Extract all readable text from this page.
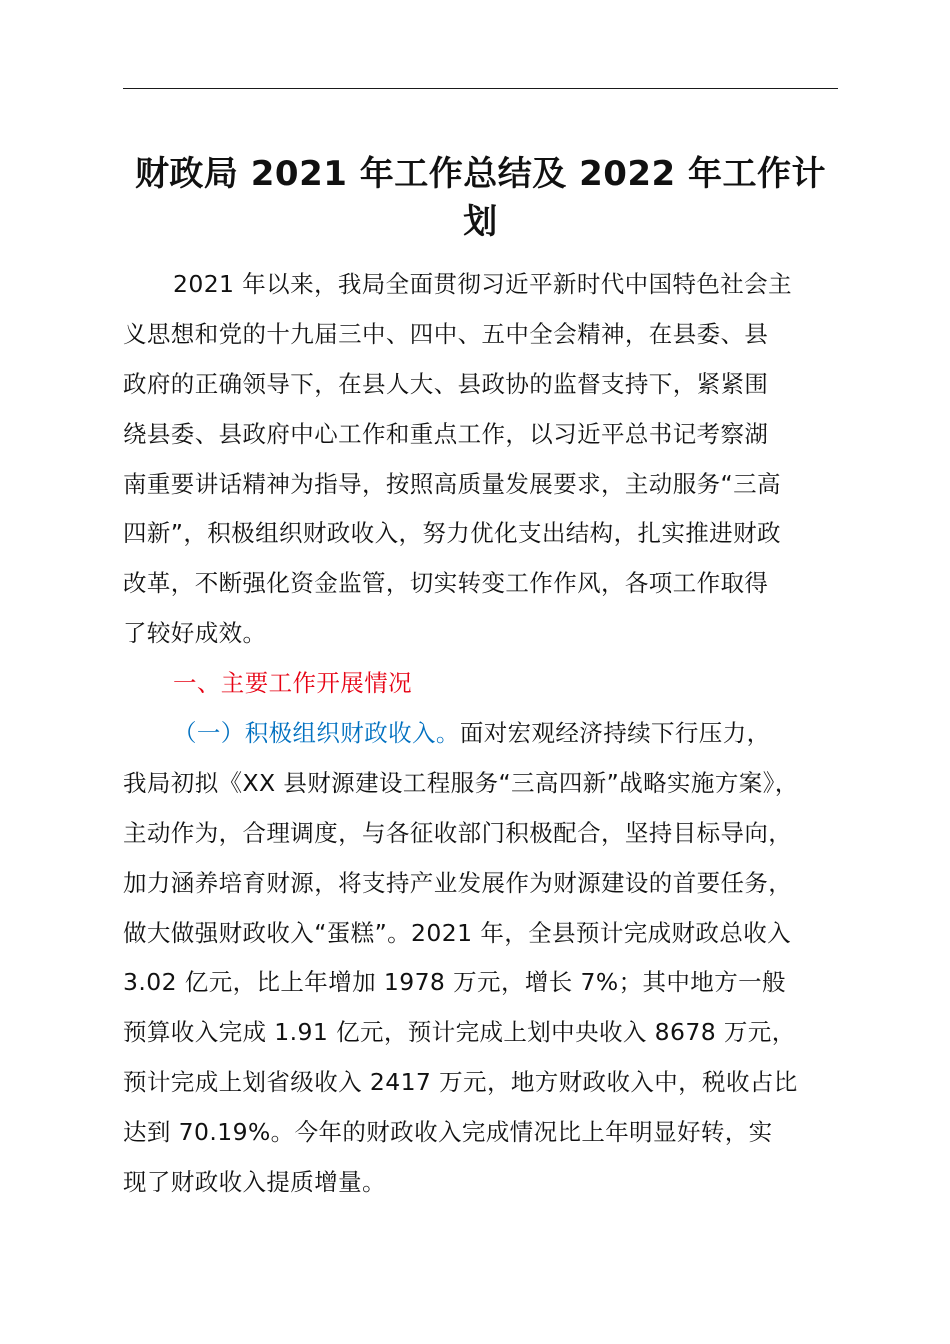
财政局 2021 年工作总结及 2022 年工作计
划
2021 年以来，我局全面贯彻习近平新时代中国特色社会主
义思想和党的十九届三中、四中、五中全会精神，在县委、县
政府的正确领导下，在县人大、县政协的监督支持下，紧紧围
绕县委、县政府中心工作和重点工作，以习近平总书记考察湖
南重要讲话精神为指导，按照高质量发展要求，主动服务“三高
四新”，积极组织财政收入，努力优化支出结构，扎实推进财政
改革，不断强化资金监管，切实转变工作作风，各项工作取得
了较好成效。
一、主要工作开展情况
（一）积极组织财政收入。面对宏观经济持续下行压力，
我局初拟《XX 县财源建设工程服务“三高四新”战略实施方案》，
主动作为，合理调度，与各征收部门积极配合，坚持目标导向，
加力涵养培育财源，将支持产业发展作为财源建设的首要任务，
做大做强财政收入“蛋糕”。2021 年，全县预计完成财政总收入
3.02 亿元，比上年增加 1978 万元，增长 7%；其中地方一般
预算收入完成 1.91 亿元，预计完成上划中央收入 8678 万元，
预计完成上划省级收入 2417 万元，地方财政收入中，税收占比
达到 70.19%。今年的财政收入完成情况比上年明显好转，实
现了财政收入提质增量。
